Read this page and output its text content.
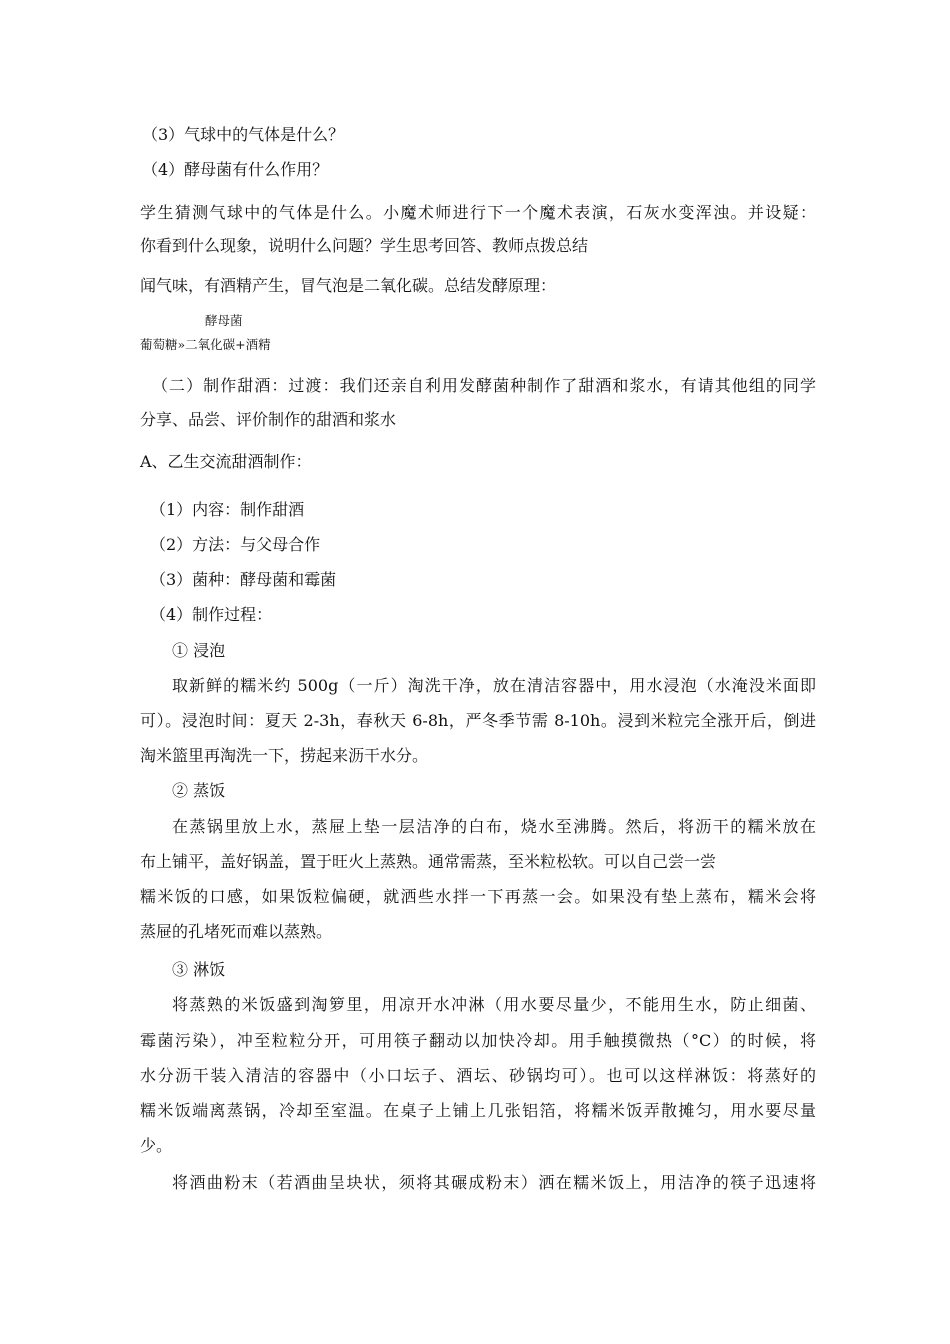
（3）气球中的气体是什么？
（4）酵母菌有什么作用？
学生猜测气球中的气体是什么。小魔术师进行下一个魔术表演，石灰水变浑浊。并设疑：
你看到什么现象，说明什么问题？学生思考回答、教师点拨总结
闻气味，有酒精产生，冒气泡是二氧化碳。总结发酵原理：
酵母菌
葡萄糖»二氧化碳+酒精
（二）制作甜酒：过渡：我们还亲自利用发酵菌种制作了甜酒和浆水，有请其他组的同学
分享、品尝、评价制作的甜酒和浆水
A、乙生交流甜酒制作：
（1）内容：制作甜酒
（2）方法：与父母合作
（3）菌种：酵母菌和霉菌
（4）制作过程：
① 浸泡
取新鲜的糯米约 500g（一斤）淘洗干净，放在清洁容器中，用水浸泡（水淹没米面即
可）。浸泡时间：夏天 2-3h，春秋天 6-8h，严冬季节需 8-10h。浸到米粒完全涨开后，倒进
淘米篮里再淘洗一下，捞起来沥干水分。
② 蒸饭
在蒸锅里放上水，蒸屉上垫一层洁净的白布，烧水至沸腾。然后，将沥干的糯米放在
布上铺平，盖好锅盖，置于旺火上蒸熟。通常需蒸，至米粒松软。可以自己尝一尝
糯米饭的口感，如果饭粒偏硬，就洒些水拌一下再蒸一会。如果没有垫上蒸布，糯米会将
蒸屉的孔堵死而难以蒸熟。
③ 淋饭
将蒸熟的米饭盛到淘箩里，用凉开水冲淋（用水要尽量少，不能用生水，防止细菌、
霉菌污染），冲至粒粒分开，可用筷子翻动以加快冷却。用手触摸微热（°C）的时候，将
水分沥干装入清洁的容器中（小口坛子、酒坛、砂锅均可）。也可以这样淋饭：将蒸好的
糯米饭端离蒸锅，冷却至室温。在桌子上铺上几张铝箔，将糯米饭弄散摊匀，用水要尽量
少。
将酒曲粉末（若酒曲呈块状，须将其碾成粉末）洒在糯米饭上，用洁净的筷子迅速将
